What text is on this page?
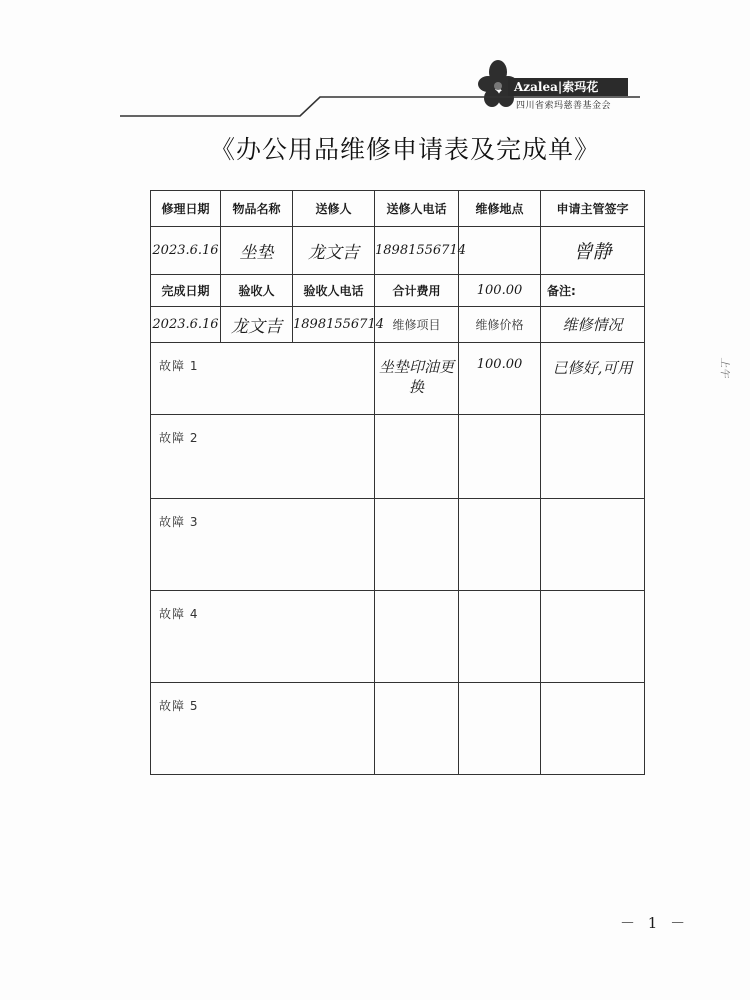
Azalea|索玛花
四川省索玛慈善基金会
《办公用品维修申请表及完成单》
修理日期	物品名称	送修人	送修人电话	维修地点	申请主管签字
2023.6.16	坐垫	龙文吉	18981556714		曾静
完成日期	验收人	验收人电话	合计费用	100.00	备注:
2023.6.16	龙文吉	18981556714	维修项目	维修价格	维修情况
故障 1			坐垫印油更换	100.00	已修好,可用
故障 2					
故障 3					
故障 4					
故障 5					
上午
－ 1 －
